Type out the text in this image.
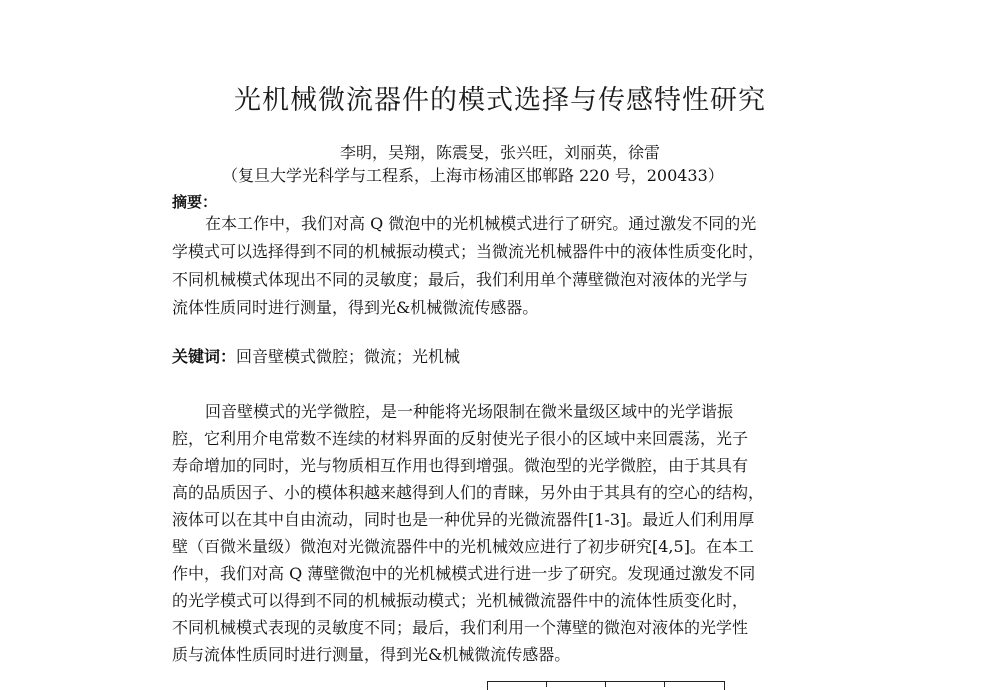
光机械微流器件的模式选择与传感特性研究
李明，吴翔，陈震旻，张兴旺，刘丽英，徐雷
（复旦大学光科学与工程系，上海市杨浦区邯郸路 220 号，200433）
摘要：
在本工作中，我们对高 Q 微泡中的光机械模式进行了研究。通过激发不同的光
学模式可以选择得到不同的机械振动模式；当微流光机械器件中的液体性质变化时，
不同机械模式体现出不同的灵敏度；最后，我们利用单个薄壁微泡对液体的光学与
流体性质同时进行测量，得到光&机械微流传感器。
关键词：回音壁模式微腔；微流；光机械
回音壁模式的光学微腔，是一种能将光场限制在微米量级区域中的光学谐振
腔，它利用介电常数不连续的材料界面的反射使光子很小的区域中来回震荡，光子
寿命增加的同时，光与物质相互作用也得到增强。微泡型的光学微腔，由于其具有
高的品质因子、小的模体积越来越得到人们的青睐，另外由于其具有的空心的结构，
液体可以在其中自由流动，同时也是一种优异的光微流器件[1-3]。最近人们利用厚
壁（百微米量级）微泡对光微流器件中的光机械效应进行了初步研究[4,5]。在本工
作中，我们对高 Q 薄壁微泡中的光机械模式进行进一步了研究。发现通过激发不同
的光学模式可以得到不同的机械振动模式；光机械微流器件中的流体性质变化时，
不同机械模式表现的灵敏度不同；最后，我们利用一个薄壁的微泡对液体的光学性
质与流体性质同时进行测量，得到光&机械微流传感器。
